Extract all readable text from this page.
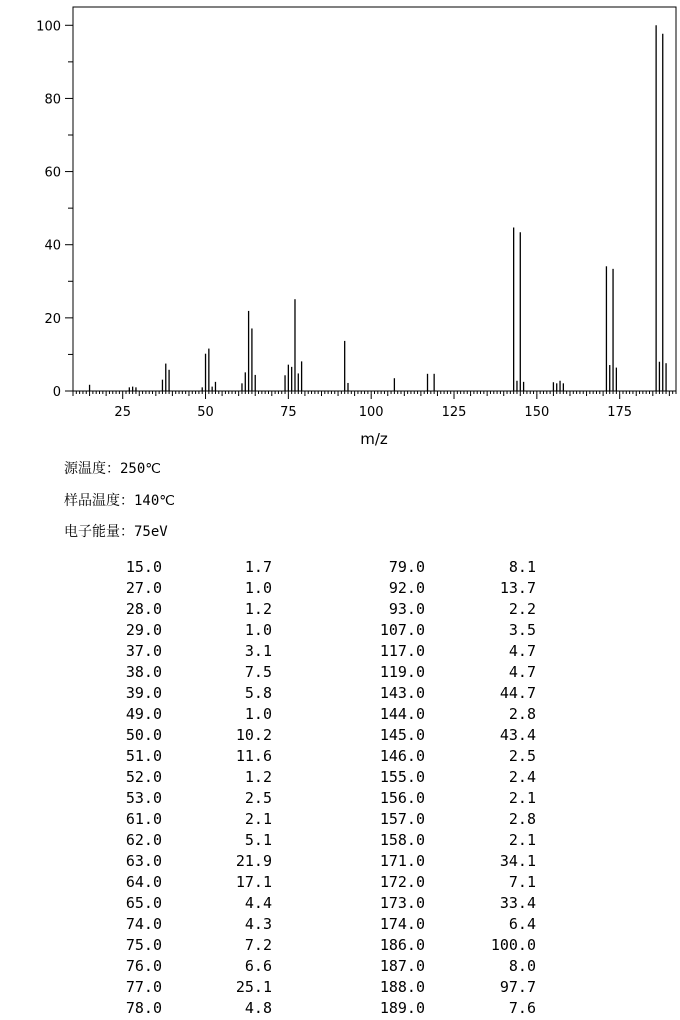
0
20
40
60
80
100
25	50	75	100	125	150	175
m/z
源温度：250℃
样品温度：140℃
电子能量：75eV
15.0	1.7	79.0	8.1
27.0	1.0	92.0	13.7
28.0	1.2	93.0	2.2
29.0	1.0	107.0	3.5
37.0	3.1	117.0	4.7
38.0	7.5	119.0	4.7
39.0	5.8	143.0	44.7
49.0	1.0	144.0	2.8
50.0	10.2	145.0	43.4
51.0	11.6	146.0	2.5
52.0	1.2	155.0	2.4
53.0	2.5	156.0	2.1
61.0	2.1	157.0	2.8
62.0	5.1	158.0	2.1
63.0	21.9	171.0	34.1
64.0	17.1	172.0	7.1
65.0	4.4	173.0	33.4
74.0	4.3	174.0	6.4
75.0	7.2	186.0	100.0
76.0	6.6	187.0	8.0
77.0	25.1	188.0	97.7
78.0	4.8	189.0	7.6
